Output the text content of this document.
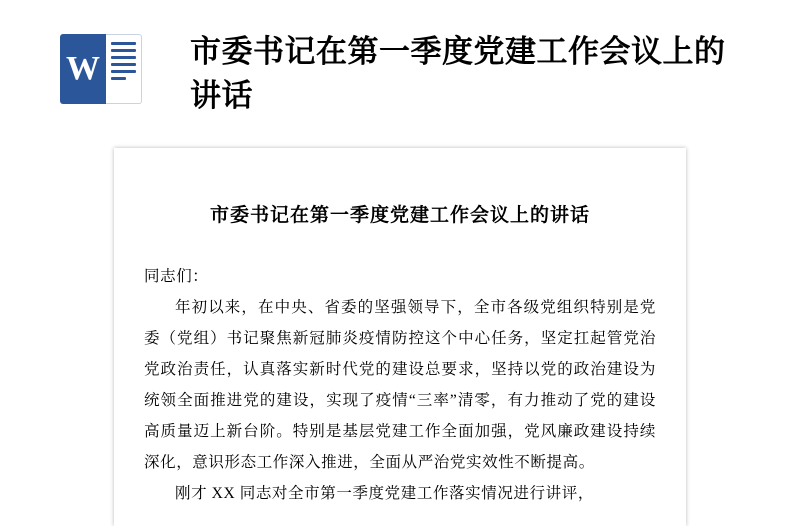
W	市委书记在第一季度党建工作会议上的讲话
市委书记在第一季度党建工作会议上的讲话

同志们：

年初以来，在中央、省委的坚强领导下，全市各级党组织特别是党委（党组）书记聚焦新冠肺炎疫情防控这个中心任务，坚定扛起管党治党政治责任，认真落实新时代党的建设总要求，坚持以党的政治建设为统领全面推进党的建设，实现了疫情“三率”清零，有力推动了党的建设高质量迈上新台阶。特别是基层党建工作全面加强，党风廉政建设持续深化，意识形态工作深入推进，全面从严治党实效性不断提高。

刚才 XX 同志对全市第一季度党建工作落实情况进行讲评，
